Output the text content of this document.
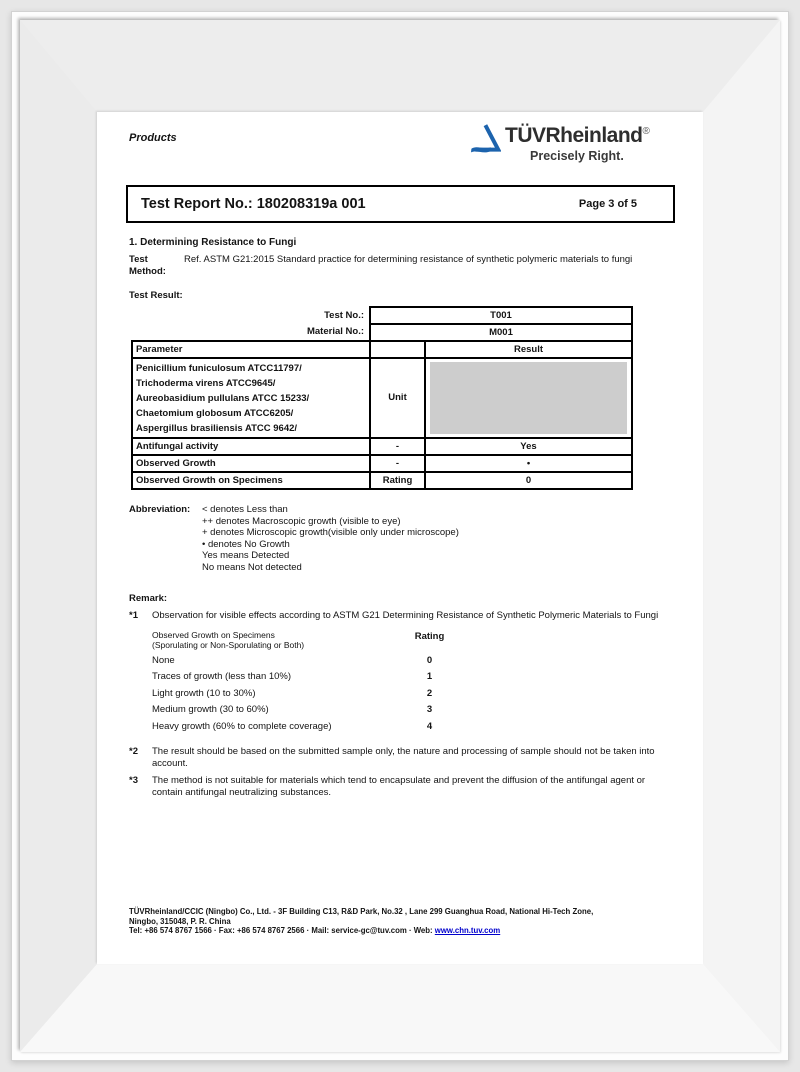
Products	TÜVRheinland®
Precisely Right.
Test Report No.: 180208319a 001	Page 3 of 5
1. Determining Resistance to Fungi
Test Method:
Ref. ASTM G21:2015 Standard practice for determining resistance of synthetic polymeric materials to fungi
Test Result:
Test No.:	T001	
Material No.:	M001	
Parameter		Result

Penicillium funiculosum ATCC11797/
Trichoderma virens ATCC9645/
Aureobasidium pullulans ATCC 15233/
Chaetomium globosum ATCC6205/
Aspergillus brasiliensis ATCC 9642/	Unit	

Antifungal activity	-	Yes
Observed Growth	-	•
Observed Growth on Specimens	Rating	0
Abbreviation:	< denotes Less than
++ denotes Macroscopic growth (visible to eye)
+ denotes Microscopic growth(visible only under microscope)
• denotes No Growth
Yes means Detected
No means Not detected
Remark:
*1	Observation for visible effects according to ASTM G21 Determining Resistance of Synthetic Polymeric Materials to Fungi
Observed Growth on Specimens
(Sporulating or Non-Sporulating or Both)
Rating
None	0
Traces of growth (less than 10%)	1
Light growth (10 to 30%)	2
Medium growth (30 to 60%)	3
Heavy growth (60% to complete coverage)	4
*2	The result should be based on the submitted sample only, the nature and processing of sample should not be taken into account.
*3	The method is not suitable for materials which tend to encapsulate and prevent the diffusion of the antifungal agent or contain antifungal neutralizing substances.
TÜVRheinland/CCIC (Ningbo) Co., Ltd. - 3F Building C13, R&D Park, No.32 , Lane 299 Guanghua Road, National Hi-Tech Zone,
Ningbo, 315048, P. R. China
Tel: +86 574 8767 1566 · Fax: +86 574 8767 2566 · Mail: service-gc@tuv.com · Web: www.chn.tuv.com
